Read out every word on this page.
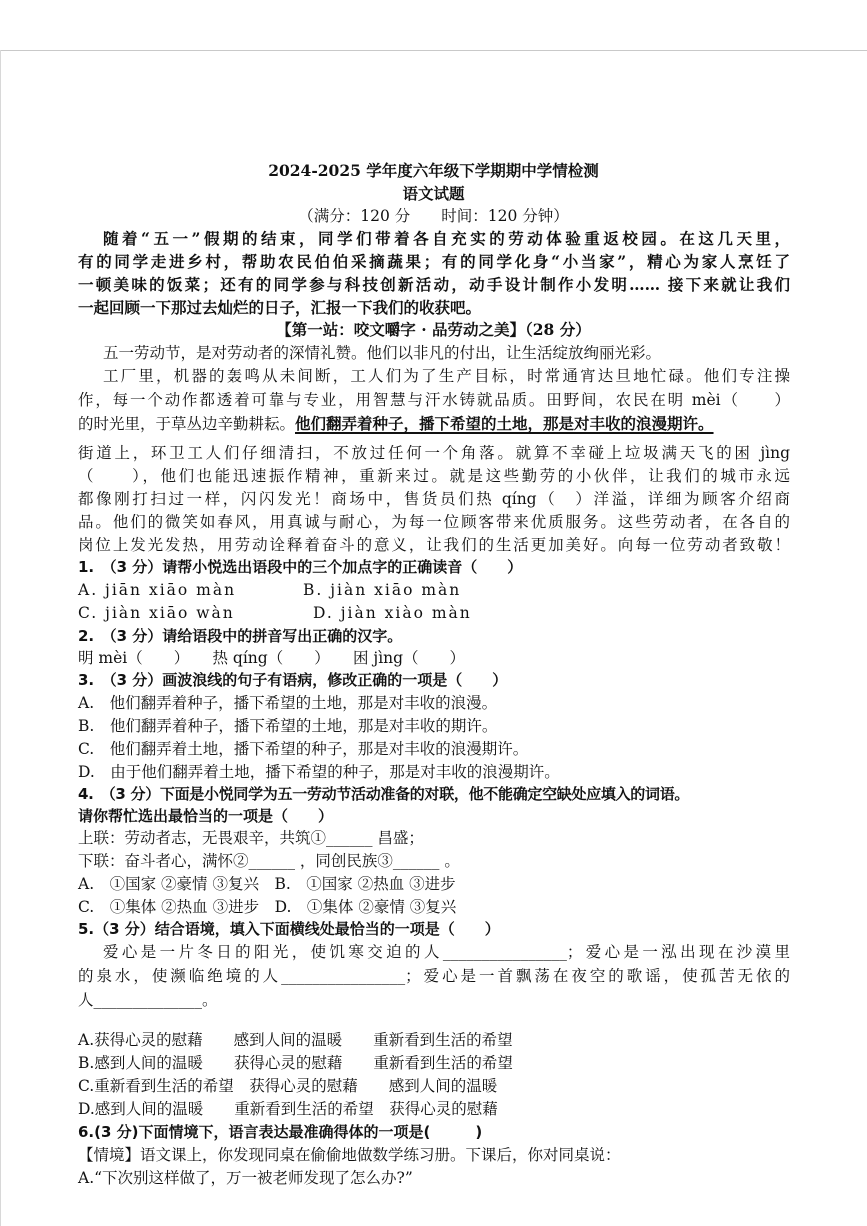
2024-2025 学年度六年级下学期期中学情检测
语文试题
（满分：120 分　　时间：120 分钟）
随着“五一”假期的结束，同学们带着各自充实的劳动体验重返校园。在这几天里，
有的同学走进乡村，帮助农民伯伯采摘蔬果；有的同学化身“小当家”，精心为家人烹饪了
一顿美味的饭菜；还有的同学参与科技创新活动，动手设计制作小发明…… 接下来就让我们
一起回顾一下那过去灿烂的日子，汇报一下我们的收获吧。
【第一站：咬文嚼字 · 品劳动之美】（28 分）
五一劳动节，是对劳动者的深情礼赞。他们以非凡的付出，让生活绽放绚丽光彩。
工厂里，机器的轰鸣从未间断，工人们为了生产目标，时常通宵达旦地忙碌。他们专注操
作，每一个动作都透着可靠与专业，用智慧与汗水铸就品质。田野间，农民在明 mèi（　　）
的时光里，于草丛边辛勤耕耘。他们翻弄着种子，播下希望的土地，那是对丰收的浪漫期许。
街道上，环卫工人们仔细清扫，不放过任何一个角落。就算不幸碰上垃圾满天飞的困 jìng
（　　），他们也能迅速振作精神，重新来过。就是这些勤劳的小伙伴，让我们的城市永远
都像刚打扫过一样，闪闪发光！商场中，售货员们热 qíng（　）洋溢，详细为顾客介绍商
品。他们的微笑如春风，用真诚与耐心，为每一位顾客带来优质服务。这些劳动者，在各自的
岗位上发光发热，用劳动诠释着奋斗的意义，让我们的生活更加美好。向每一位劳动者致敬！
1.　（3 分）请帮小悦选出语段中的三个加点字的正确读音（　　）
A. jiān xiāo màn	B. jiàn xiāo màn
C. jiàn xiāo wàn	D. jiàn xiào màn
2.　（3 分）请给语段中的拼音写出正确的汉字。
明 mèi（　　）　　热 qíng（　　）　　困 jìng（　　）
3.　（3 分）画波浪线的句子有语病，修改正确的一项是（　　）
A.　他们翻弄着种子，播下希望的土地，那是对丰收的浪漫。
B.　他们翻弄着种子，播下希望的土地，那是对丰收的期许。
C.　他们翻弄着土地，播下希望的种子，那是对丰收的浪漫期许。
D.　由于他们翻弄着土地，播下希望的种子，那是对丰收的浪漫期许。
4.　（3 分）下面是小悦同学为五一劳动节活动准备的对联，他不能确定空缺处应填入的词语。
请你帮忙选出最恰当的一项是（　　）
上联：劳动者志，无畏艰辛，共筑①______ 昌盛；
下联：奋斗者心，满怀②______ ，同创民族③______ 。
A.　①国家 ②豪情 ③复兴　B.　①国家 ②热血 ③进步
C.　①集体 ②热血 ③进步　D.　①集体 ②豪情 ③复兴
5.（3 分）结合语境，填入下面横线处最恰当的一项是（　　）
爱心是一片冬日的阳光，使饥寒交迫的人________________；爱心是一泓出现在沙漠里
的泉水，使濒临绝境的人________________；爱心是一首飘荡在夜空的歌谣，使孤苦无依的
人______________。
A.获得心灵的慰藉　　感到人间的温暖　　重新看到生活的希望
B.感到人间的温暖　　获得心灵的慰藉　　重新看到生活的希望
C.重新看到生活的希望　获得心灵的慰藉　　感到人间的温暖
D.感到人间的温暖　　重新看到生活的希望　获得心灵的慰藉
6.(3 分)下面情境下，语言表达最准确得体的一项是(　　　)
【情境】语文课上，你发现同桌在偷偷地做数学练习册。下课后，你对同桌说：
A.“下次别这样做了，万一被老师发现了怎么办?”
